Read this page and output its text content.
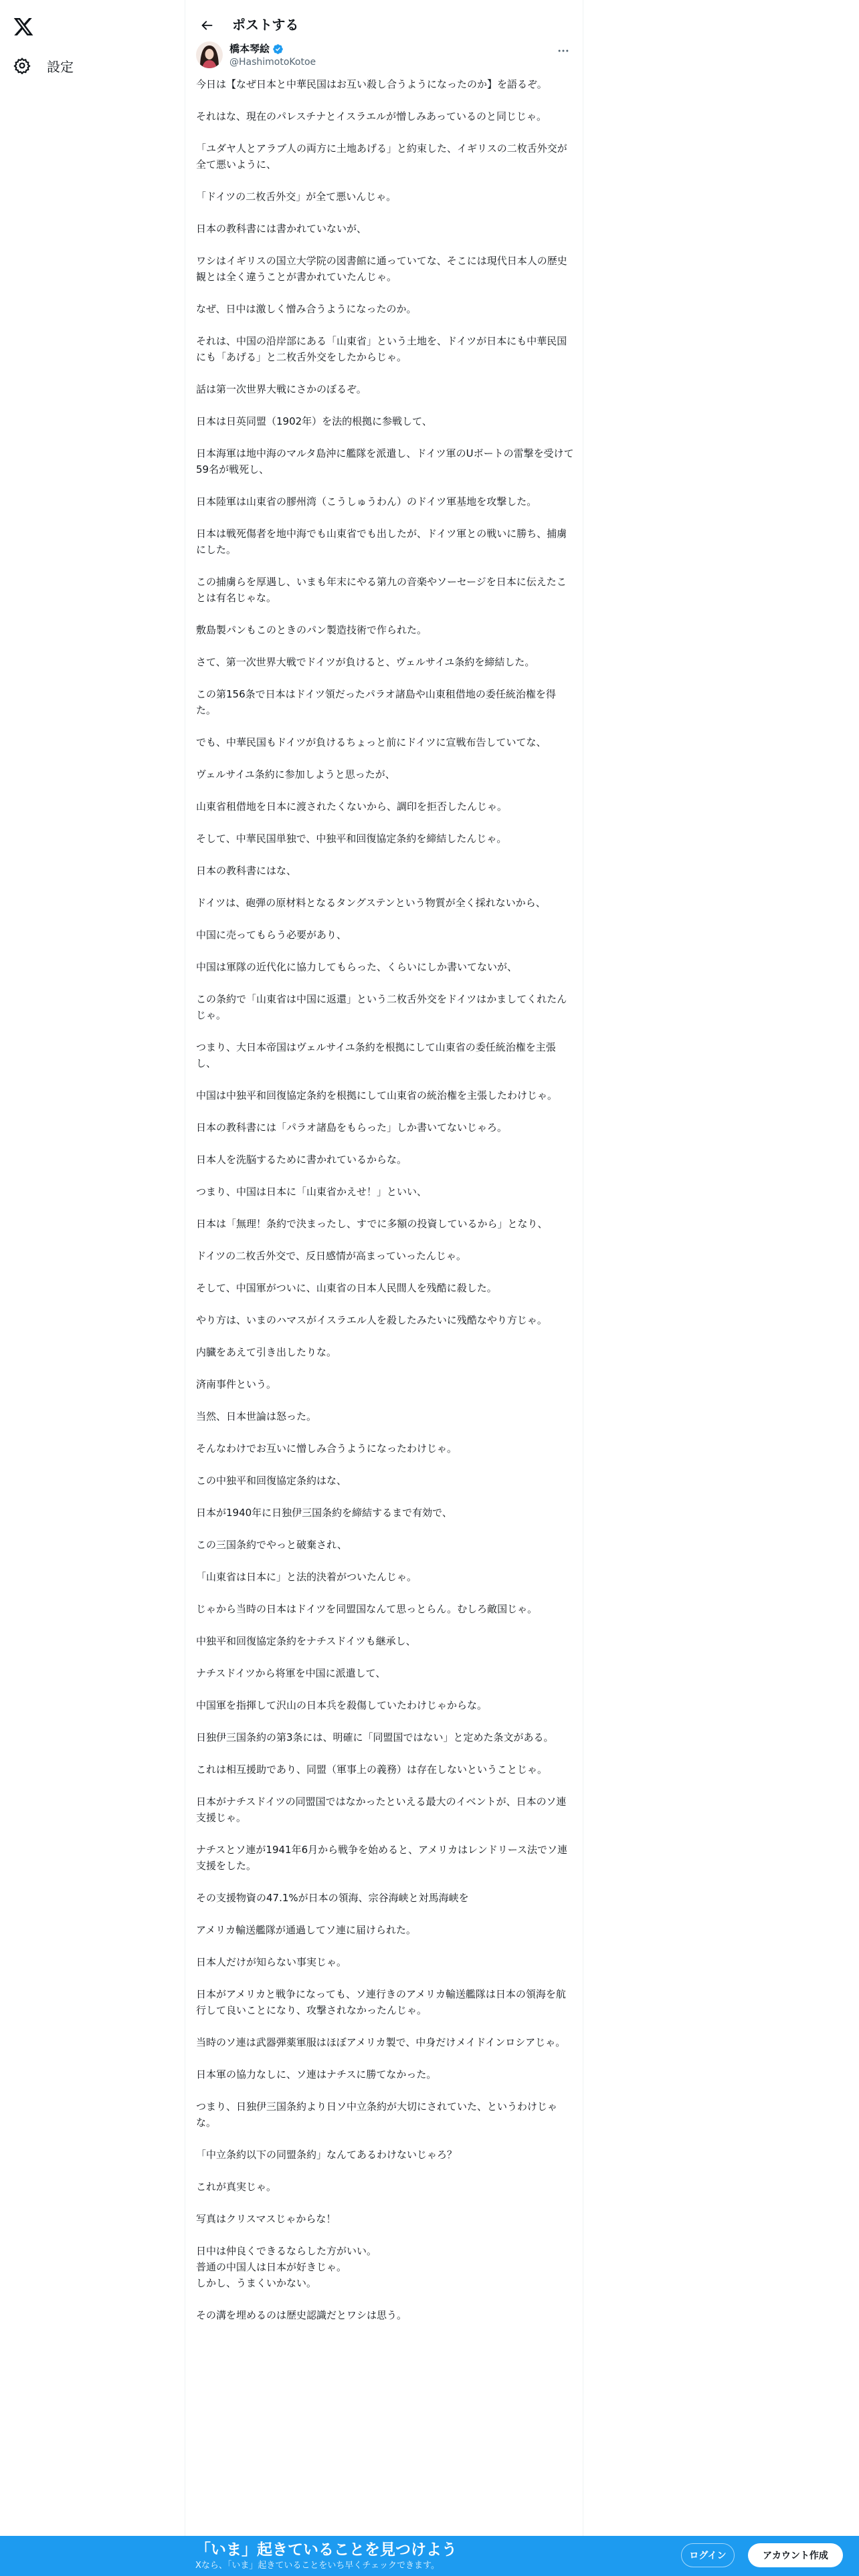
設定
ポストする
橋本琴絵
@HashimotoKotoe
今日は【なぜ日本と中華民国はお互い殺し合うようになったのか】を語るぞ。
それはな、現在のパレスチナとイスラエルが憎しみあっているのと同じじゃ。
「ユダヤ人とアラブ人の両方に土地あげる」と約束した、イギリスの二枚舌外交が全て悪いように、
「ドイツの二枚舌外交」が全て悪いんじゃ。
日本の教科書には書かれていないが、
ワシはイギリスの国立大学院の図書館に通っていてな、そこには現代日本人の歴史観とは全く違うことが書かれていたんじゃ。
なぜ、日中は激しく憎み合うようになったのか。
それは、中国の沿岸部にある「山東省」という土地を、ドイツが日本にも中華民国にも「あげる」と二枚舌外交をしたからじゃ。
話は第一次世界大戦にさかのぼるぞ。
日本は日英同盟（1902年）を法的根拠に参戦して、
日本海軍は地中海のマルタ島沖に艦隊を派遣し、ドイツ軍のUボートの雷撃を受けて59名が戦死し、
日本陸軍は山東省の膠州湾（こうしゅうわん）のドイツ軍基地を攻撃した。
日本は戦死傷者を地中海でも山東省でも出したが、ドイツ軍との戦いに勝ち、捕虜にした。
この捕虜らを厚遇し、いまも年末にやる第九の音楽やソーセージを日本に伝えたことは有名じゃな。
敷島製パンもこのときのパン製造技術で作られた。
さて、第一次世界大戦でドイツが負けると、ヴェルサイユ条約を締結した。
この第156条で日本はドイツ領だったパラオ諸島や山東租借地の委任統治権を得た。
でも、中華民国もドイツが負けるちょっと前にドイツに宣戦布告していてな、
ヴェルサイユ条約に参加しようと思ったが、
山東省租借地を日本に渡されたくないから、調印を拒否したんじゃ。
そして、中華民国単独で、中独平和回復協定条約を締結したんじゃ。
日本の教科書にはな、
ドイツは、砲弾の原材料となるタングステンという物質が全く採れないから、
中国に売ってもらう必要があり、
中国は軍隊の近代化に協力してもらった、くらいにしか書いてないが、
この条約で「山東省は中国に返還」という二枚舌外交をドイツはかましてくれたんじゃ。
つまり、大日本帝国はヴェルサイユ条約を根拠にして山東省の委任統治権を主張し、
中国は中独平和回復協定条約を根拠にして山東省の統治権を主張したわけじゃ。
日本の教科書には「パラオ諸島をもらった」しか書いてないじゃろ。
日本人を洗脳するために書かれているからな。
つまり、中国は日本に「山東省かえせ！」といい、
日本は「無理！条約で決まったし、すでに多額の投資しているから」となり、
ドイツの二枚舌外交で、反日感情が高まっていったんじゃ。
そして、中国軍がついに、山東省の日本人民間人を残酷に殺した。
やり方は、いまのハマスがイスラエル人を殺したみたいに残酷なやり方じゃ。
内臓をあえて引き出したりな。
済南事件という。
当然、日本世論は怒った。
そんなわけでお互いに憎しみ合うようになったわけじゃ。
この中独平和回復協定条約はな、
日本が1940年に日独伊三国条約を締結するまで有効で、
この三国条約でやっと破棄され、
「山東省は日本に」と法的決着がついたんじゃ。
じゃから当時の日本はドイツを同盟国なんて思っとらん。むしろ敵国じゃ。
中独平和回復協定条約をナチスドイツも継承し、
ナチスドイツから将軍を中国に派遣して、
中国軍を指揮して沢山の日本兵を殺傷していたわけじゃからな。
日独伊三国条約の第3条には、明確に「同盟国ではない」と定めた条文がある。
これは相互援助であり、同盟（軍事上の義務）は存在しないということじゃ。
日本がナチスドイツの同盟国ではなかったといえる最大のイベントが、日本のソ連支援じゃ。
ナチスとソ連が1941年6月から戦争を始めると、アメリカはレンドリース法でソ連支援をした。
その支援物資の47.1%が日本の領海、宗谷海峡と対馬海峡を
アメリカ輸送艦隊が通過してソ連に届けられた。
日本人だけが知らない事実じゃ。
日本がアメリカと戦争になっても、ソ連行きのアメリカ輸送艦隊は日本の領海を航行して良いことになり、攻撃されなかったんじゃ。
当時のソ連は武器弾薬軍服はほぼアメリカ製で、中身だけメイドインロシアじゃ。
日本軍の協力なしに、ソ連はナチスに勝てなかった。
つまり、日独伊三国条約より日ソ中立条約が大切にされていた、というわけじゃな。
「中立条約以下の同盟条約」なんてあるわけないじゃろ？
これが真実じゃ。
写真はクリスマスじゃからな！
日中は仲良くできるならした方がいい。
普通の中国人は日本が好きじゃ。
しかし、うまくいかない。
その溝を埋めるのは歴史認識だとワシは思う。
「いま」起きていることを見つけよう
Xなら、「いま」起きていることをいち早くチェックできます。
ログイン	アカウント作成
